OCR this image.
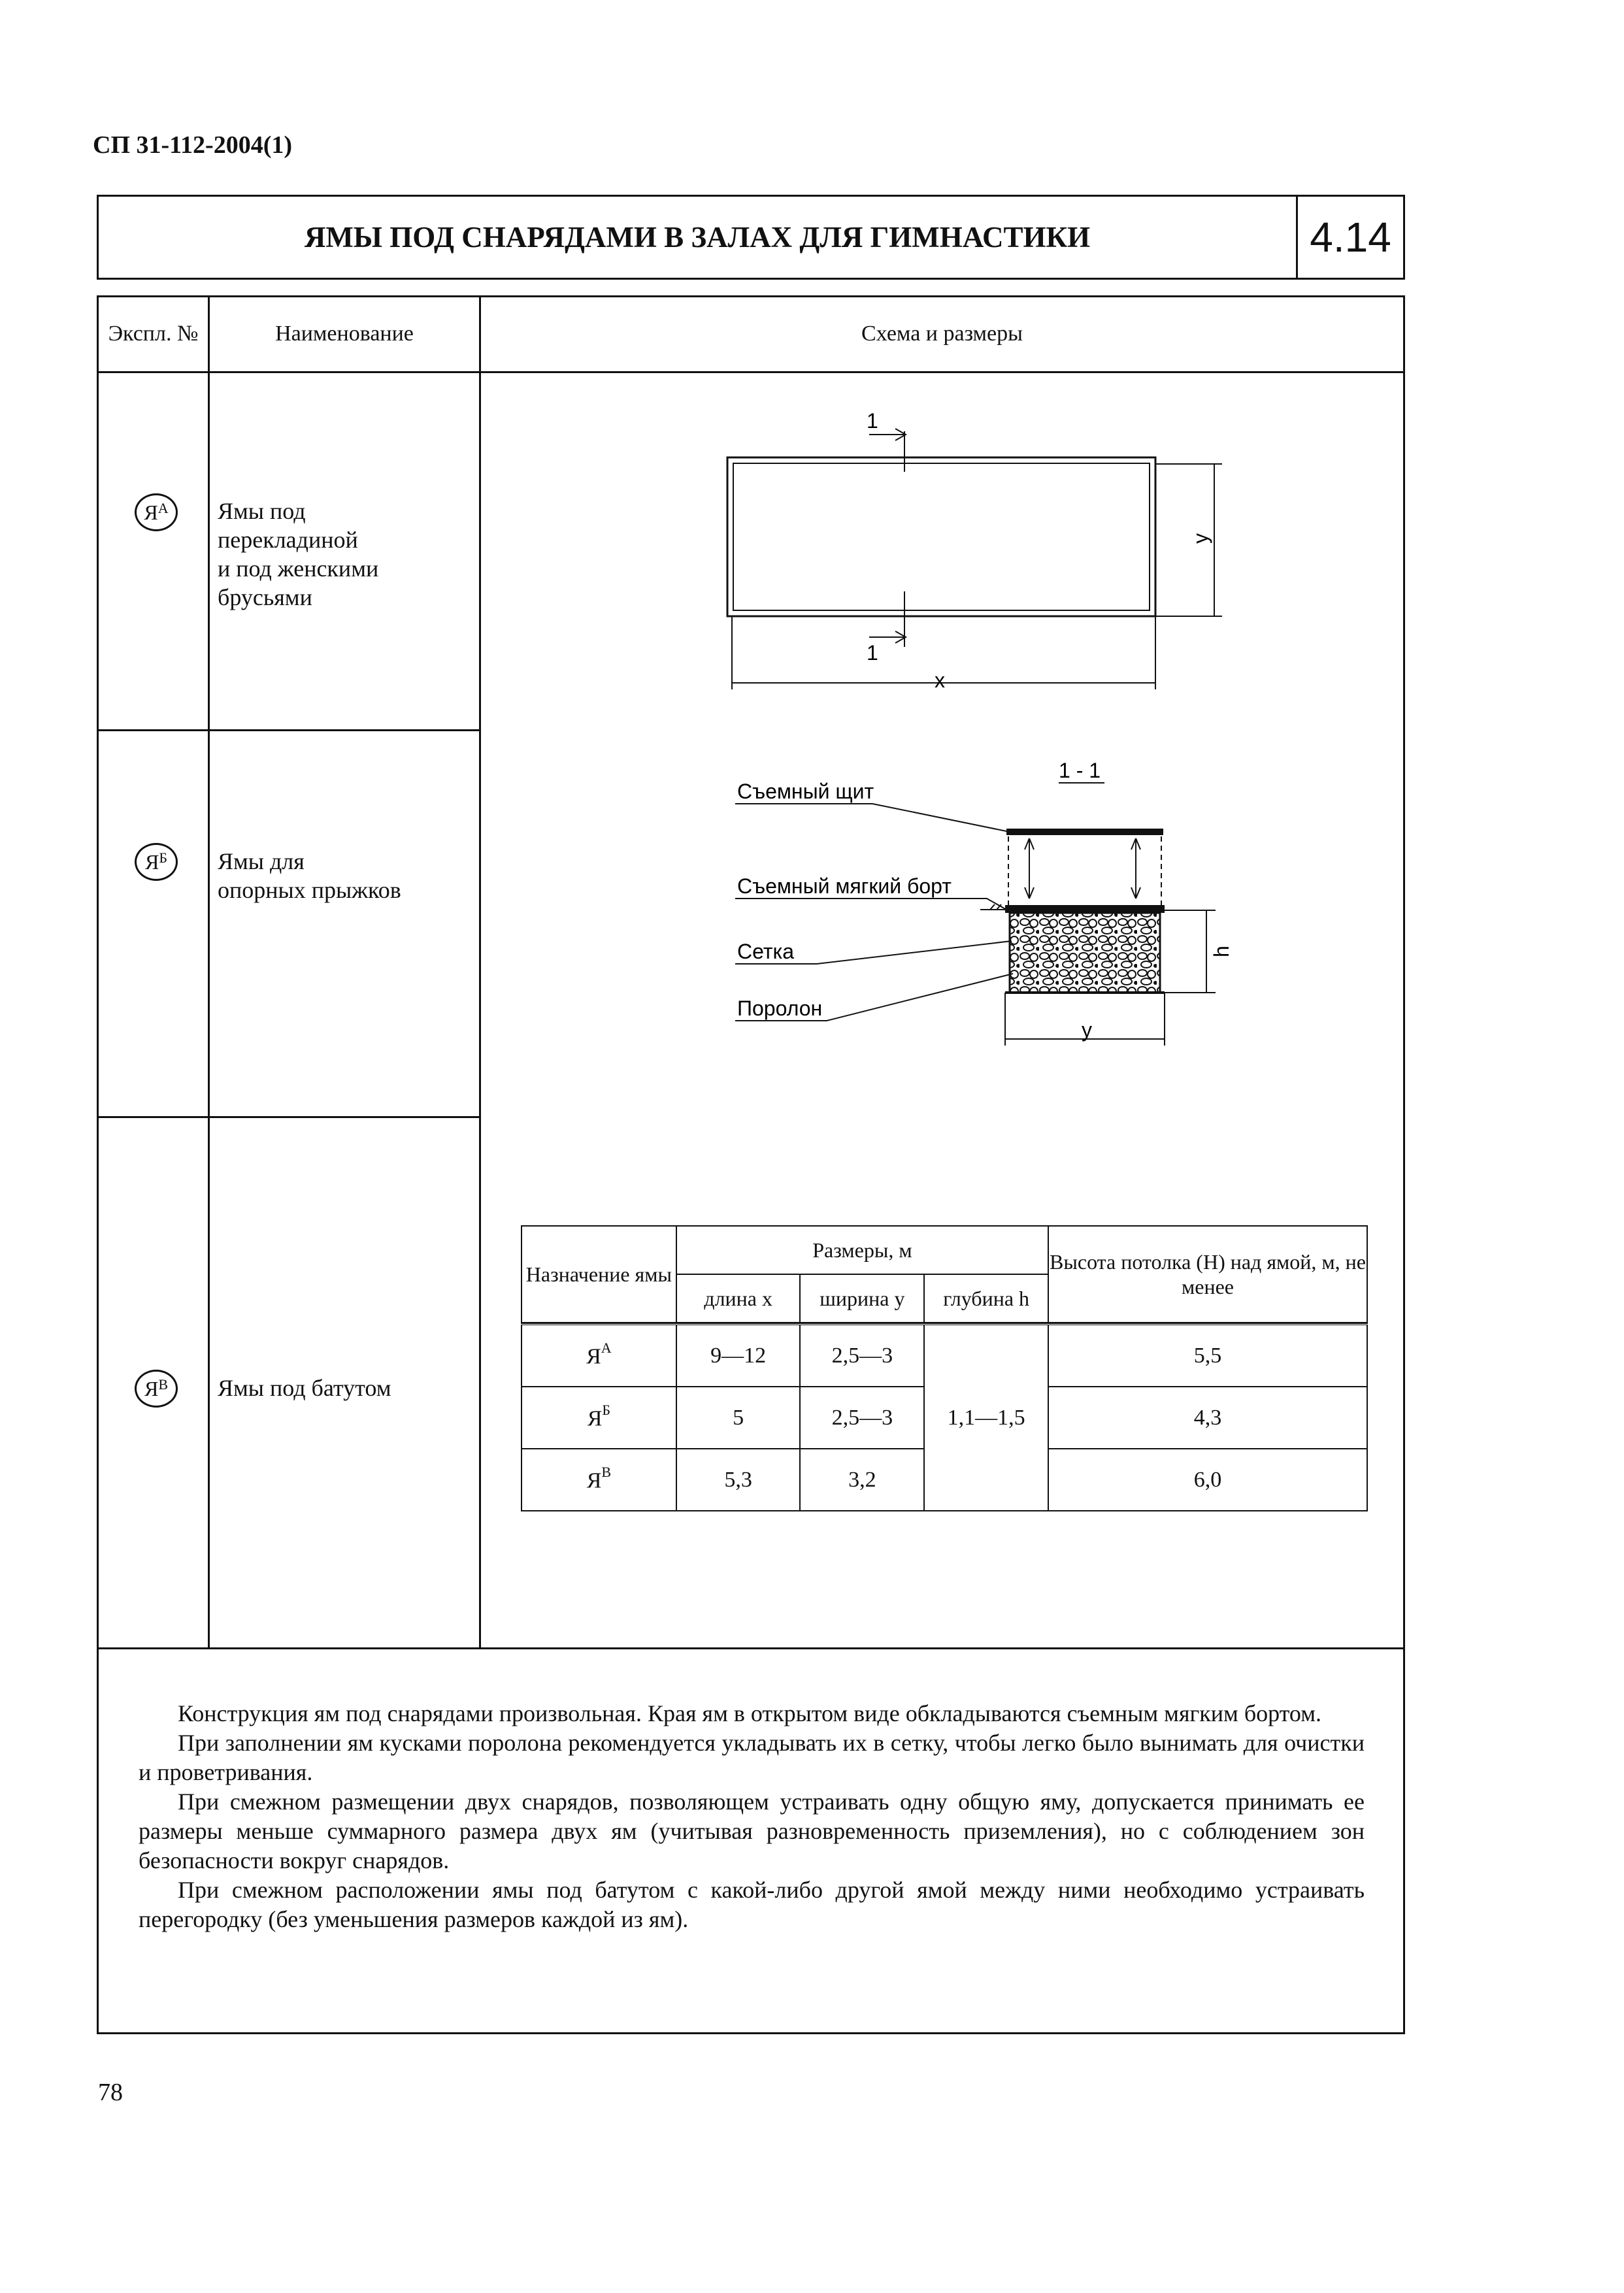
СП 31-112-2004(1)
ЯМЫ ПОД СНАРЯДАМИ В ЗАЛАХ ДЛЯ ГИМНАСТИКИ	4.14
Экспл. №	Наименование	Схема и размеры
$Я^А$ Ямы под
перекладиной
и под женскими
брусьями
$Я^Б$ Ямы для
опорных прыжков
$Я^В$ Ямы под батутом
1
1
x
y
1 - 1
h
y
Съемный щит
Съемный мягкий борт
Сетка
Поролон
Назначение ямы	Размеры, м			Высота потолка (H) над ямой, м, не менее
	длина x	ширина y	глубина h	

$Я^А$	9—12	2,5—3	1,1—1,5	5,5
$Я^Б$	5	2,5—3		4,3
$Я^В$	5,3	3,2		6,0

Конструкция ям под снарядами произвольная. Края ям в открытом виде обкладываются съемным мягким бортом.

При заполнении ям кусками поролона рекомендуется укладывать их в сетку, чтобы легко было вынимать для очистки и проветривания.

При смежном размещении двух снарядов, позволяющем устраивать одну общую яму, допускается принимать ее размеры меньше суммарного размера двух ям (учитывая разновременность приземления), но с соблюдением зон безопасности вокруг снарядов.

При смежном расположении ямы под батутом с какой-либо другой ямой между ними необходимо устраивать перегородку (без уменьшения размеров каждой из ям).

78
